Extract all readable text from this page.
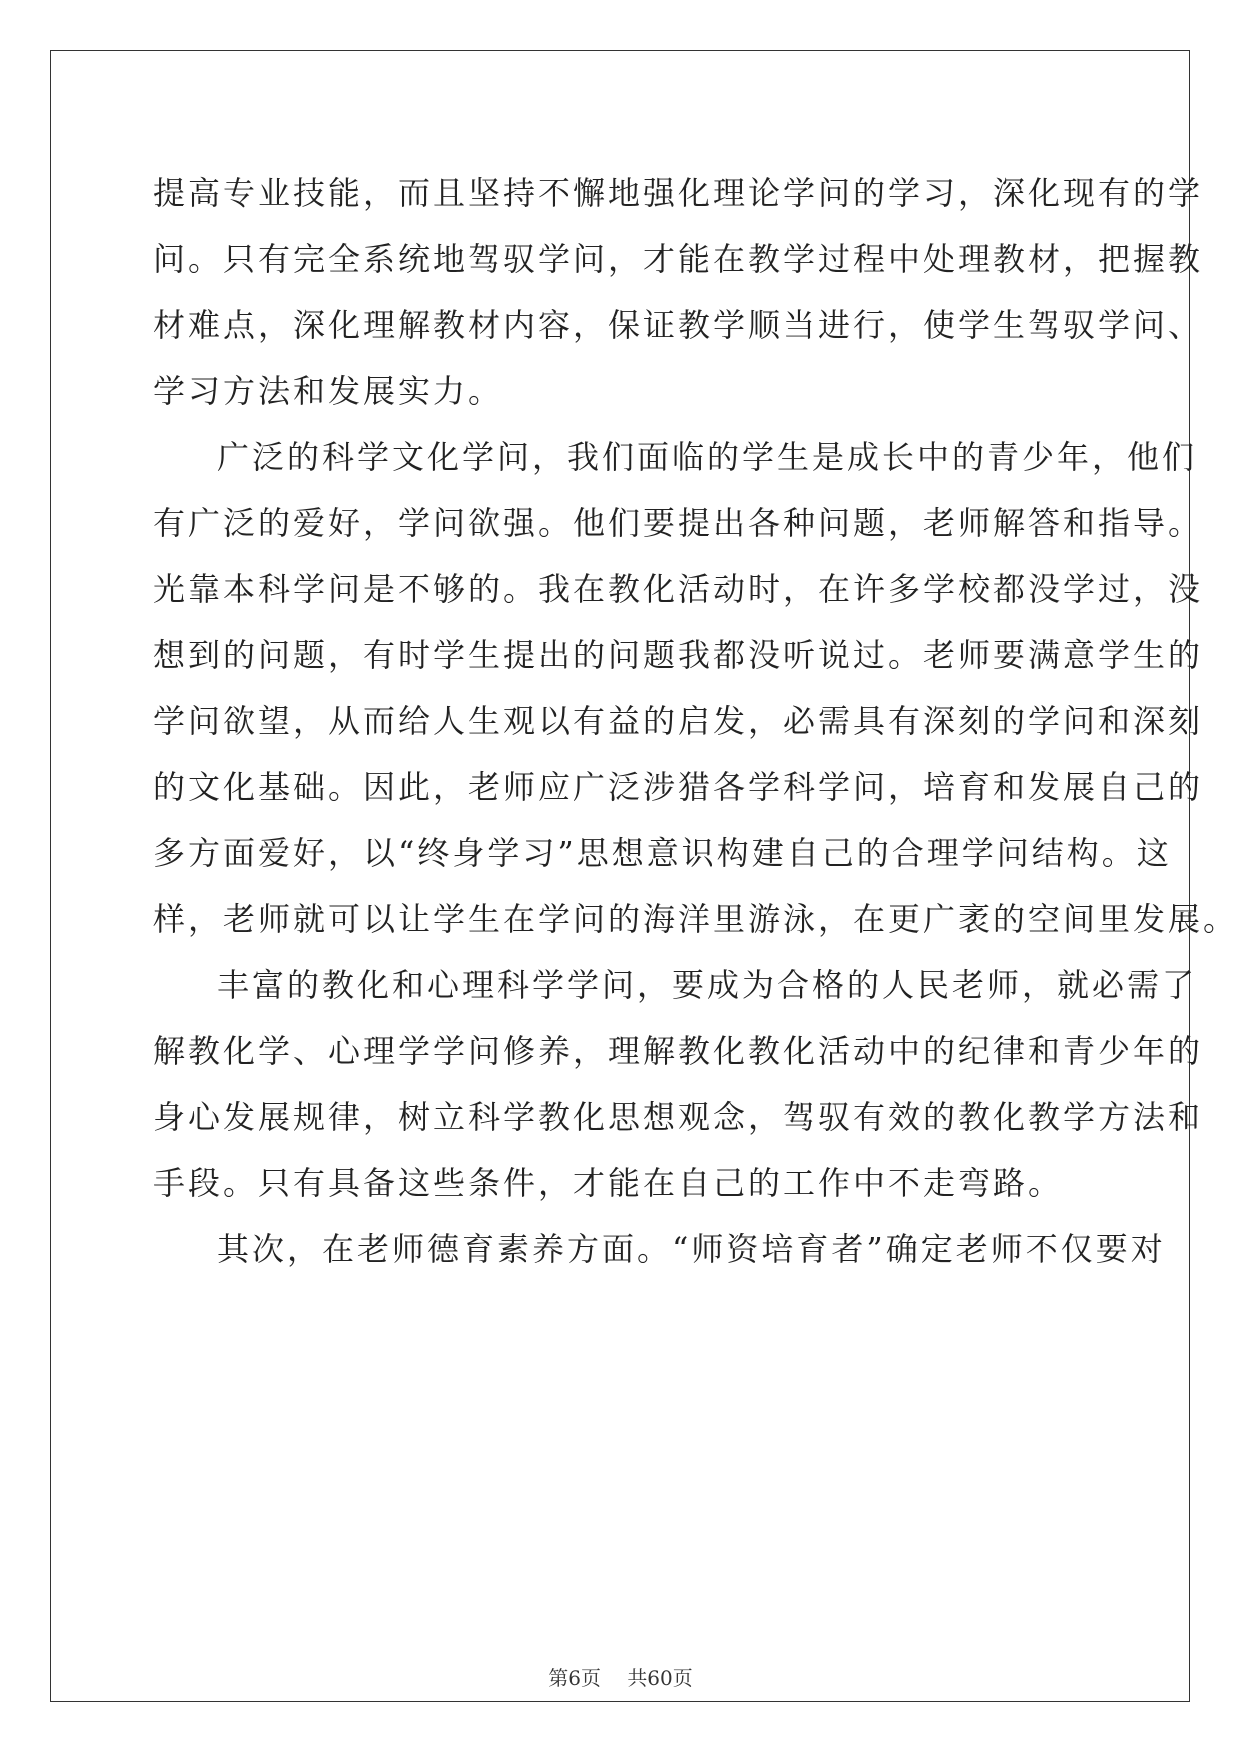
提高专业技能，而且坚持不懈地强化理论学问的学习，深化现有的学
问。只有完全系统地驾驭学问，才能在教学过程中处理教材，把握教
材难点，深化理解教材内容，保证教学顺当进行，使学生驾驭学问、
学习方法和发展实力。
广泛的科学文化学问，我们面临的学生是成长中的青少年，他们
有广泛的爱好，学问欲强。他们要提出各种问题，老师解答和指导。
光靠本科学问是不够的。我在教化活动时，在许多学校都没学过，没
想到的问题，有时学生提出的问题我都没听说过。老师要满意学生的
学问欲望，从而给人生观以有益的启发，必需具有深刻的学问和深刻
的文化基础。因此，老师应广泛涉猎各学科学问，培育和发展自己的
多方面爱好，以“终身学习”思想意识构建自己的合理学问结构。这
样，老师就可以让学生在学问的海洋里游泳，在更广袤的空间里发展。
丰富的教化和心理科学学问，要成为合格的人民老师，就必需了
解教化学、心理学学问修养，理解教化教化活动中的纪律和青少年的
身心发展规律，树立科学教化思想观念，驾驭有效的教化教学方法和
手段。只有具备这些条件，才能在自己的工作中不走弯路。
其次，在老师德育素养方面。“师资培育者”确定老师不仅要对
第6页 共60页
